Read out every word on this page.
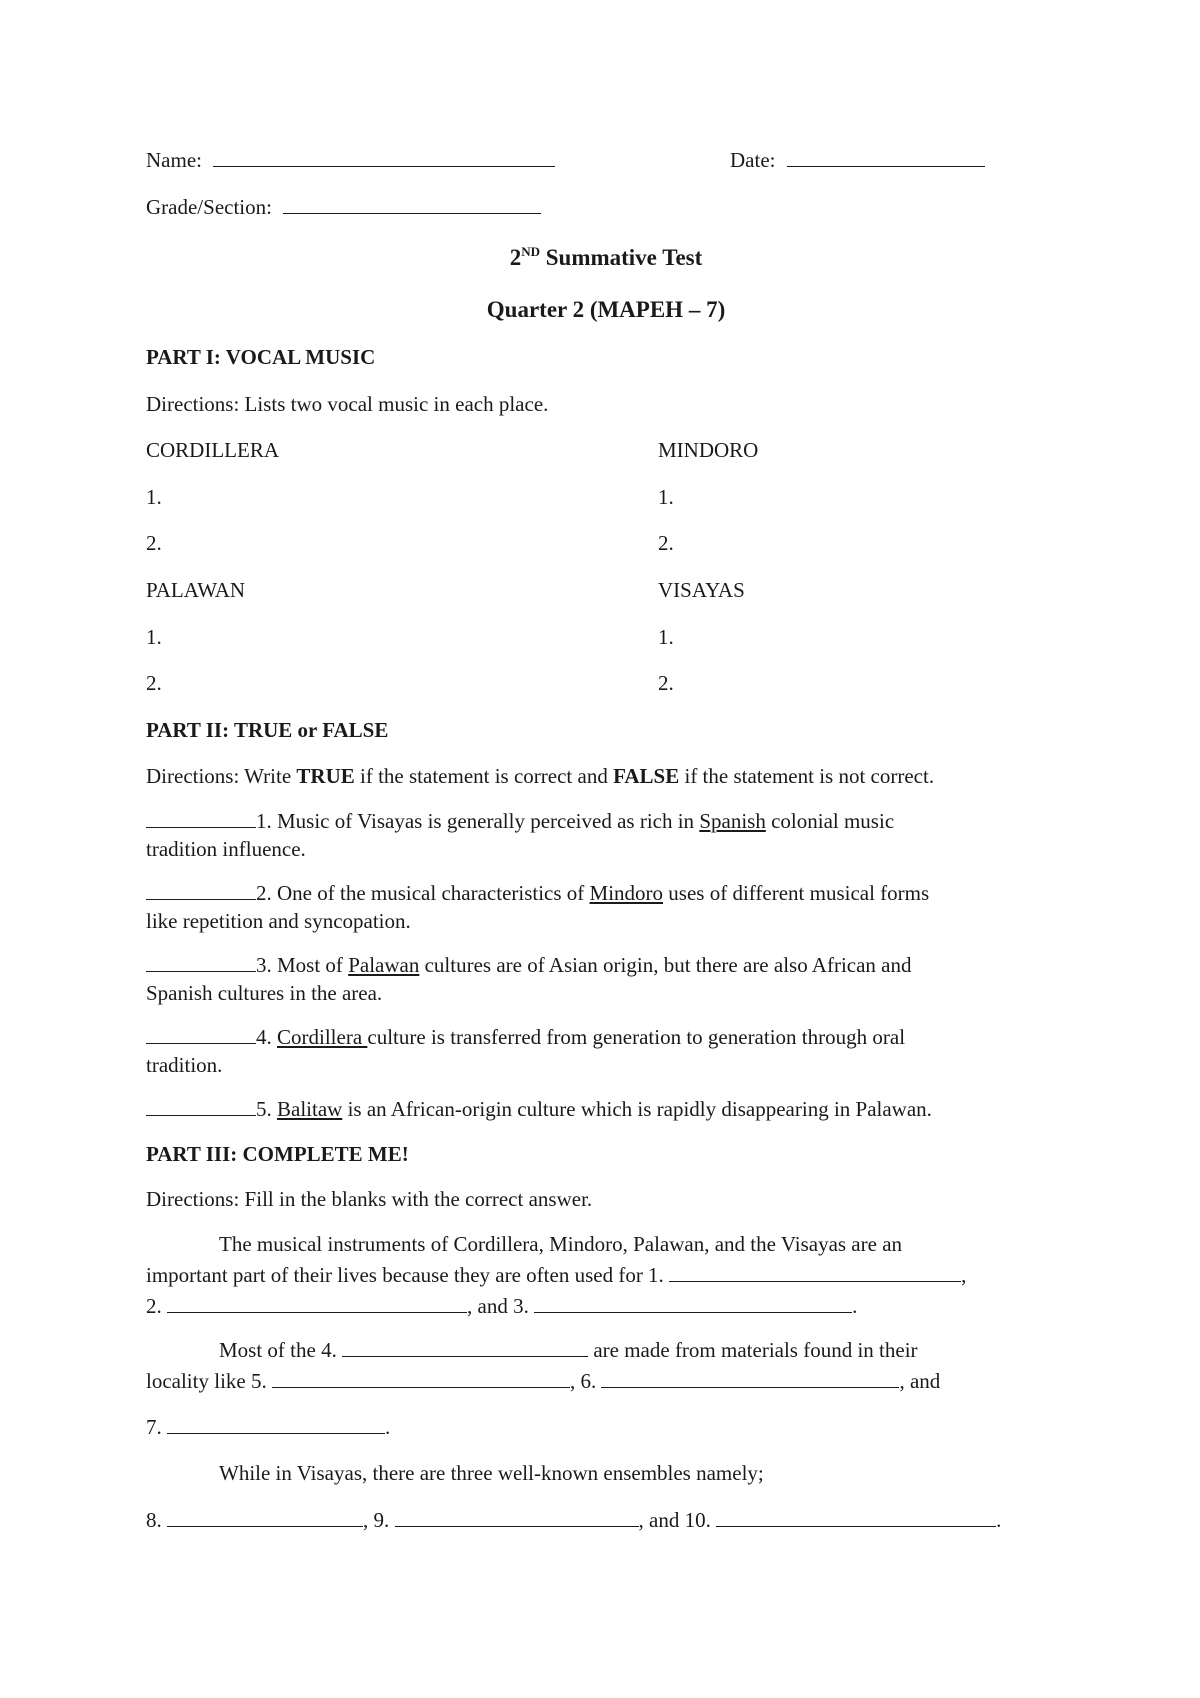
Name:	Date:
Grade/Section:
2ND Summative Test
Quarter 2 (MAPEH – 7)
PART I: VOCAL MUSIC
Directions: Lists two vocal music in each place.
CORDILLERA	MINDORO
1.	1.
2.	2.
PALAWAN	VISAYAS
1.	1.
2.	2.
PART II: TRUE or FALSE
Directions: Write TRUE if the statement is correct and FALSE if the statement is not correct.
1. Music of Visayas is generally perceived as rich in Spanish colonial music
tradition influence.
2. One of the musical characteristics of Mindoro uses of different musical forms
like repetition and syncopation.
3. Most of Palawan cultures are of Asian origin, but there are also African and
Spanish cultures in the area.
4. Cordillera culture is transferred from generation to generation through oral
tradition.
5. Balitaw is an African-origin culture which is rapidly disappearing in Palawan.
PART III: COMPLETE ME!
Directions: Fill in the blanks with the correct answer.
The musical instruments of Cordillera, Mindoro, Palawan, and the Visayas are an
important part of their lives because they are often used for 1.	,
2.	, and 3.	.
Most of the 4.	are made from materials found in their
locality like 5.	, 6.	, and
7.	.
While in Visayas, there are three well-known ensembles namely;
8.	, 9.	, and 10.	.
